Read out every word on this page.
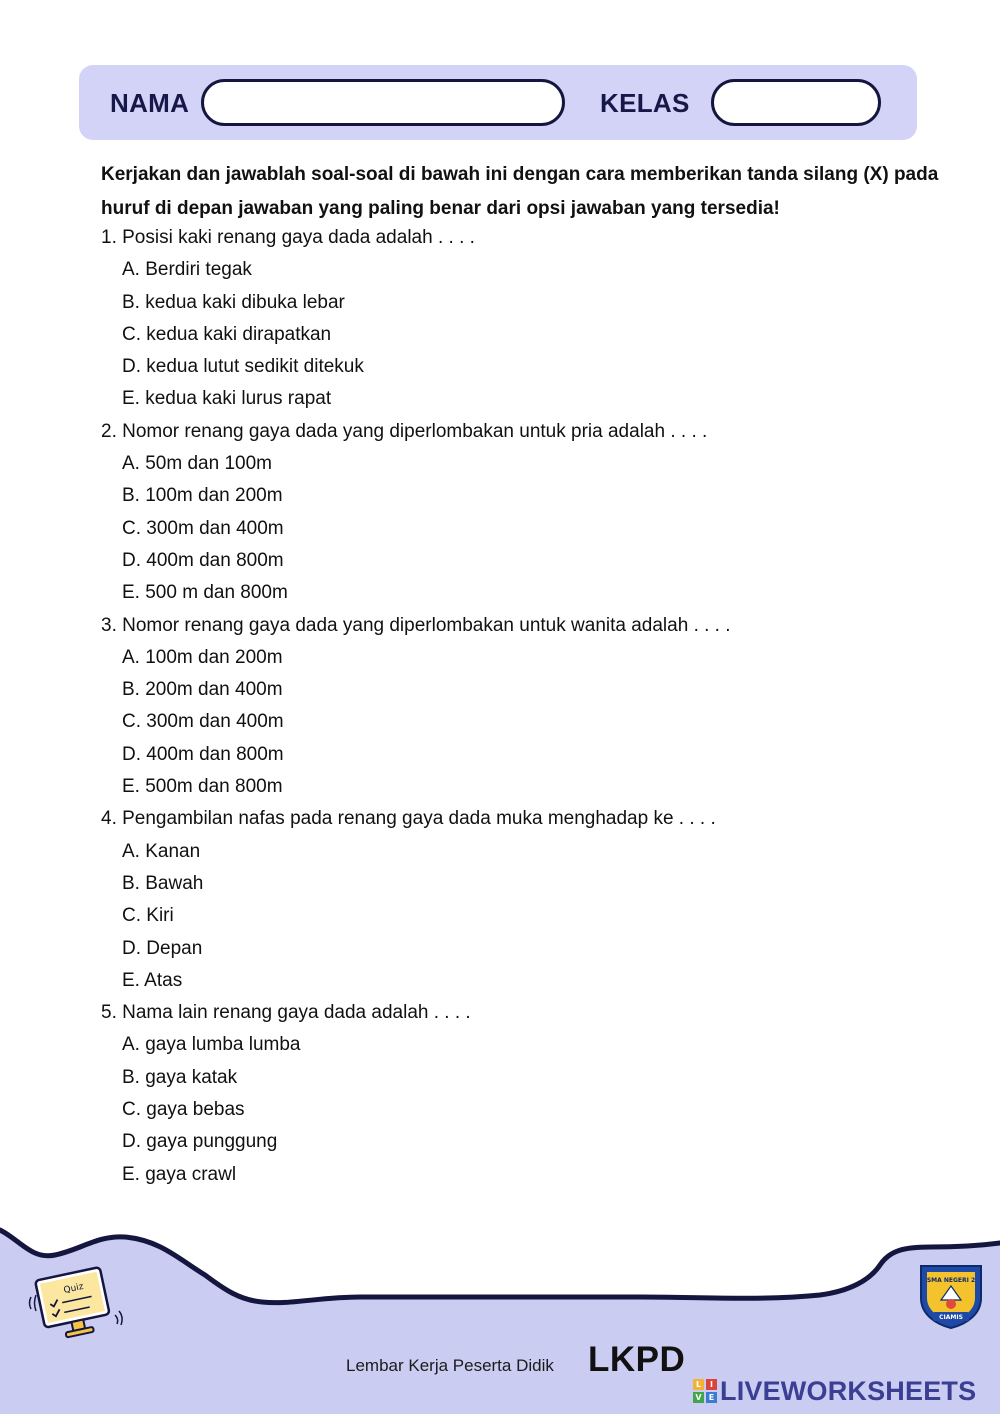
NAMA	KELAS
Kerjakan dan jawablah soal-soal di bawah ini dengan cara memberikan tanda silang (X) pada huruf di depan jawaban yang paling benar dari opsi jawaban yang tersedia!
1. Posisi kaki renang gaya dada adalah . . . .
A. Berdiri tegak
B. kedua kaki dibuka lebar
C. kedua kaki dirapatkan
D. kedua lutut sedikit ditekuk
E. kedua kaki lurus rapat
2. Nomor renang gaya dada yang diperlombakan untuk pria adalah . . . .
A. 50m dan 100m
B. 100m dan 200m
C. 300m dan 400m
D. 400m dan 800m
E. 500 m dan 800m
3. Nomor renang gaya dada yang diperlombakan untuk wanita adalah . . . .
A. 100m dan 200m
B. 200m dan 400m
C. 300m dan 400m
D. 400m dan 800m
E. 500m dan 800m
4. Pengambilan nafas pada renang gaya dada muka menghadap ke . . . .
A. Kanan
B. Bawah
C. Kiri
D. Depan
E. Atas
5. Nama lain renang gaya dada adalah . . . .
A. gaya lumba lumba
B. gaya katak
C. gaya bebas
D. gaya punggung
E. gaya crawl
Quiz
SMA NEGERI 2
CIAMIS
Lembar Kerja Peserta Didik LKPD
L	I
V E LIVEWORKSHEETS
